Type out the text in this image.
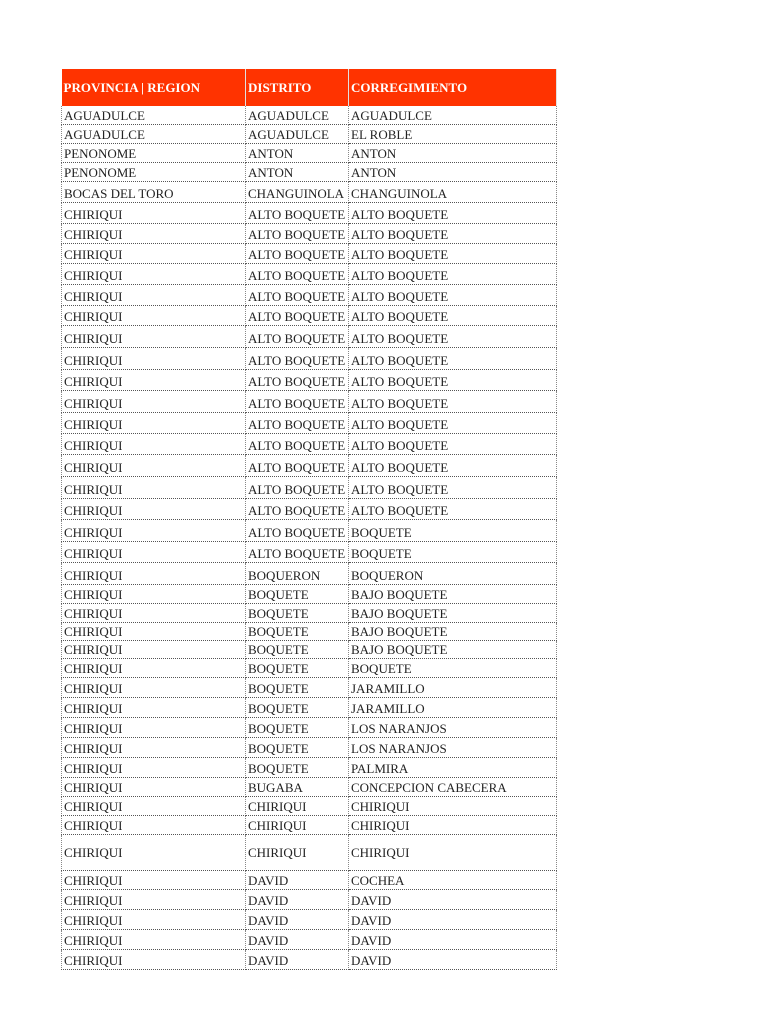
PROVINCIA | REGION	DISTRITO	CORREGIMIENTO
AGUADULCE	AGUADULCE	AGUADULCE
AGUADULCE	AGUADULCE	EL ROBLE
PENONOME	ANTON	ANTON
PENONOME	ANTON	ANTON
BOCAS DEL TORO	CHANGUINOLA	CHANGUINOLA
CHIRIQUI	ALTO BOQUETE	ALTO BOQUETE
CHIRIQUI	ALTO BOQUETE	ALTO BOQUETE
CHIRIQUI	ALTO BOQUETE	ALTO BOQUETE
CHIRIQUI	ALTO BOQUETE	ALTO BOQUETE
CHIRIQUI	ALTO BOQUETE	ALTO BOQUETE
CHIRIQUI	ALTO BOQUETE	ALTO BOQUETE
CHIRIQUI	ALTO BOQUETE	ALTO BOQUETE
CHIRIQUI	ALTO BOQUETE	ALTO BOQUETE
CHIRIQUI	ALTO BOQUETE	ALTO BOQUETE
CHIRIQUI	ALTO BOQUETE	ALTO BOQUETE
CHIRIQUI	ALTO BOQUETE	ALTO BOQUETE
CHIRIQUI	ALTO BOQUETE	ALTO BOQUETE
CHIRIQUI	ALTO BOQUETE	ALTO BOQUETE
CHIRIQUI	ALTO BOQUETE	ALTO BOQUETE
CHIRIQUI	ALTO BOQUETE	ALTO BOQUETE
CHIRIQUI	ALTO BOQUETE	BOQUETE
CHIRIQUI	ALTO BOQUETE	BOQUETE
CHIRIQUI	BOQUERON	BOQUERON
CHIRIQUI	BOQUETE	BAJO BOQUETE
CHIRIQUI	BOQUETE	BAJO BOQUETE
CHIRIQUI	BOQUETE	BAJO BOQUETE
CHIRIQUI	BOQUETE	BAJO BOQUETE
CHIRIQUI	BOQUETE	BOQUETE
CHIRIQUI	BOQUETE	JARAMILLO
CHIRIQUI	BOQUETE	JARAMILLO
CHIRIQUI	BOQUETE	LOS NARANJOS
CHIRIQUI	BOQUETE	LOS NARANJOS
CHIRIQUI	BOQUETE	PALMIRA
CHIRIQUI	BUGABA	CONCEPCION CABECERA
CHIRIQUI	CHIRIQUI	CHIRIQUI
CHIRIQUI	CHIRIQUI	CHIRIQUI
CHIRIQUI	CHIRIQUI	CHIRIQUI
CHIRIQUI	DAVID	COCHEA
CHIRIQUI	DAVID	DAVID
CHIRIQUI	DAVID	DAVID
CHIRIQUI	DAVID	DAVID
CHIRIQUI	DAVID	DAVID
